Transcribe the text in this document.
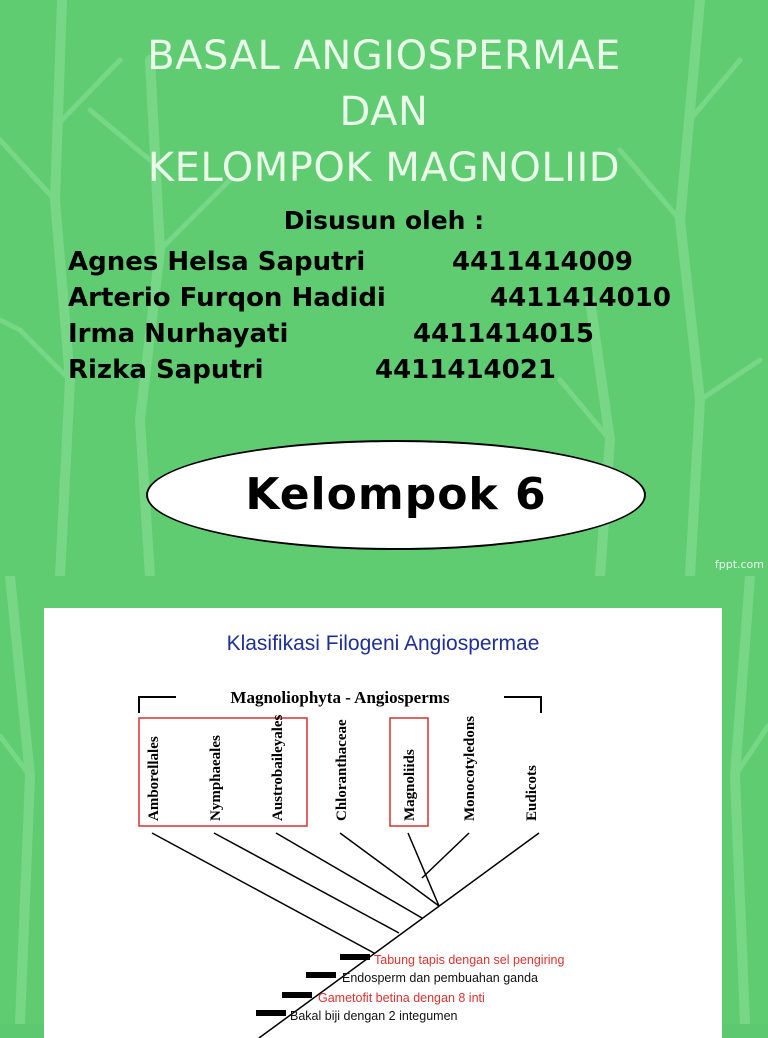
BASAL ANGIOSPERMAE
DAN
KELOMPOK MAGNOLIID
Disusun oleh :
Agnes Helsa Saputri	4411414009
Arterio Furqon Hadidi	4411414010
Irma Nurhayati	4411414015
Rizka Saputri	4411414021
Kelompok 6
fppt.com
Klasifikasi Filogeni Angiospermae
Magnoliophyta - Angiosperms
Amborellales	Nymphaeales	Austrobaileyales	Chloranthaceae	Magnoliids	Monocotyledons	Eudicots
Tabung tapis dengan sel pengiring
Endosperm dan pembuahan ganda
Gametofit betina dengan 8 inti
Bakal biji dengan 2 integumen
